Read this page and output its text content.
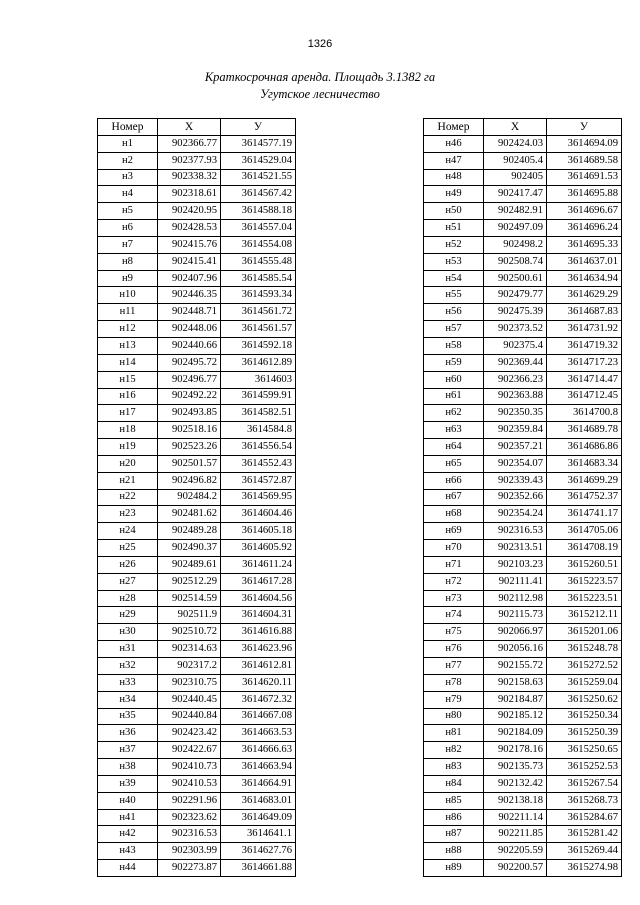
1326
Краткосрочная аренда. Площадь 3.1382 га
Угутское лесничество
Номер	X	У
н1	902366.77	3614577.19
н2	902377.93	3614529.04
н3	902338.32	3614521.55
н4	902318.61	3614567.42
н5	902420.95	3614588.18
н6	902428.53	3614557.04
н7	902415.76	3614554.08
н8	902415.41	3614555.48
н9	902407.96	3614585.54
н10	902446.35	3614593.34
н11	902448.71	3614561.72
н12	902448.06	3614561.57
н13	902440.66	3614592.18
н14	902495.72	3614612.89
н15	902496.77	3614603
н16	902492.22	3614599.91
н17	902493.85	3614582.51
н18	902518.16	3614584.8
н19	902523.26	3614556.54
н20	902501.57	3614552.43
н21	902496.82	3614572.87
н22	902484.2	3614569.95
н23	902481.62	3614604.46
н24	902489.28	3614605.18
н25	902490.37	3614605.92
н26	902489.61	3614611.24
н27	902512.29	3614617.28
н28	902514.59	3614604.56
н29	902511.9	3614604.31
н30	902510.72	3614616.88
н31	902314.63	3614623.96
н32	902317.2	3614612.81
н33	902310.75	3614620.11
н34	902440.45	3614672.32
н35	902440.84	3614667.08
н36	902423.42	3614663.53
н37	902422.67	3614666.63
н38	902410.73	3614663.94
н39	902410.53	3614664.91
н40	902291.96	3614683.01
н41	902323.62	3614649.09
н42	902316.53	3614641.1
н43	902303.99	3614627.76
н44	902273.87	3614661.88
Номер	X	У
н46	902424.03	3614694.09
н47	902405.4	3614689.58
н48	902405	3614691.53
н49	902417.47	3614695.88
н50	902482.91	3614696.67
н51	902497.09	3614696.24
н52	902498.2	3614695.33
н53	902508.74	3614637.01
н54	902500.61	3614634.94
н55	902479.77	3614629.29
н56	902475.39	3614687.83
н57	902373.52	3614731.92
н58	902375.4	3614719.32
н59	902369.44	3614717.23
н60	902366.23	3614714.47
н61	902363.88	3614712.45
н62	902350.35	3614700.8
н63	902359.84	3614689.78
н64	902357.21	3614686.86
н65	902354.07	3614683.34
н66	902339.43	3614699.29
н67	902352.66	3614752.37
н68	902354.24	3614741.17
н69	902316.53	3614705.06
н70	902313.51	3614708.19
н71	902103.23	3615260.51
н72	902111.41	3615223.57
н73	902112.98	3615223.51
н74	902115.73	3615212.11
н75	902066.97	3615201.06
н76	902056.16	3615248.78
н77	902155.72	3615272.52
н78	902158.63	3615259.04
н79	902184.87	3615250.62
н80	902185.12	3615250.34
н81	902184.09	3615250.39
н82	902178.16	3615250.65
н83	902135.73	3615252.53
н84	902132.42	3615267.54
н85	902138.18	3615268.73
н86	902211.14	3615284.67
н87	902211.85	3615281.42
н88	902205.59	3615269.44
н89	902200.57	3615274.98
